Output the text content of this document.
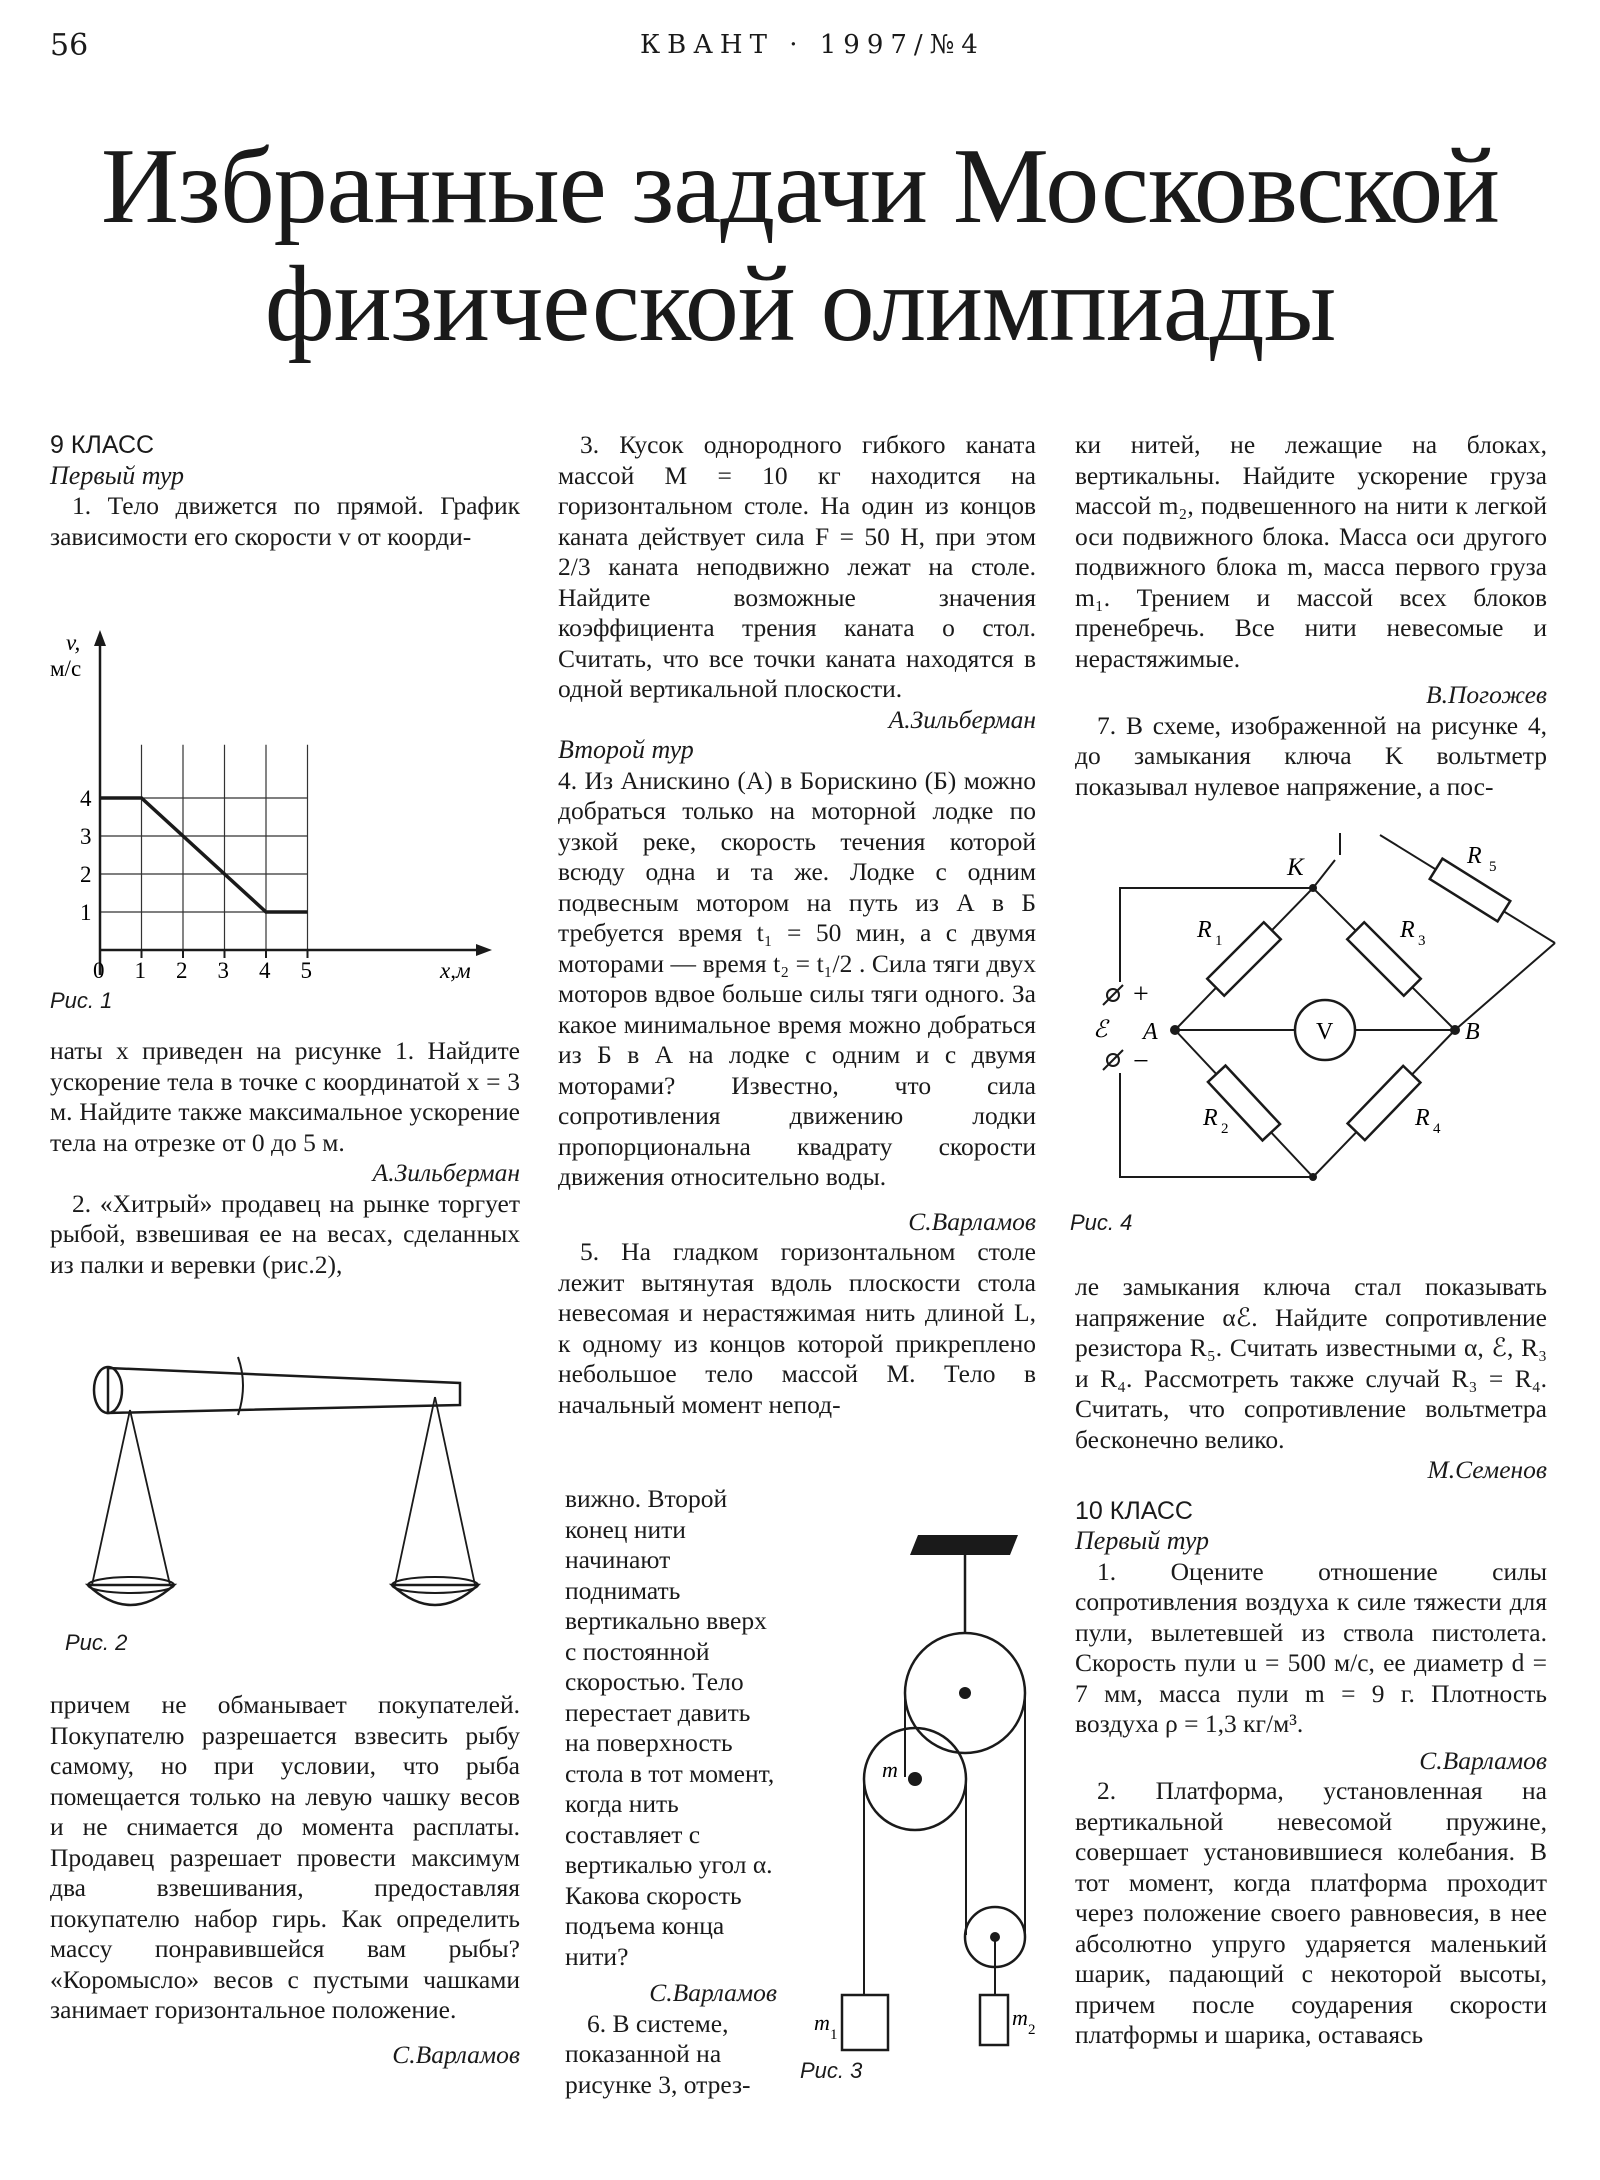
56	КВАНТ · 1997/№4
Избранные задачи Московской
физической олимпиады

9 КЛАСС

Первый тур

1. Тело движется по прямой. График зависимости его скорости v от коорди-

0 1 2 3 4 5
1
2
3
4
v,
м/с
x,м
Рис. 1

наты x приведен на рисунке 1. Найдите ускорение тела в точке с координатой x = 3 м. Найдите также максимальное ускорение тела на отрезке от 0 до 5 м.

А.Зильберман

2. «Хитрый» продавец на рынке торгует рыбой, взвешивая ее на весах, сделанных из палки и веревки (рис.2),

Рис. 2

причем не обманывает покупателей. Покупателю разрешается взвесить рыбу самому, но при условии, что рыба помещается только на левую чашку весов и не снимается до момента расплаты. Продавец разрешает провести максимум два взвешивания, предоставляя покупателю набор гирь. Как определить массу понравившейся вам рыбы? «Коромысло» весов с пустыми чашками занимает горизонтальное положение.

С.Варламов

3. Кусок однородного гибкого каната массой M = 10 кг находится на горизонтальном столе. На один из концов каната действует сила F = 50 Н, при этом 2/3 каната неподвижно лежат на столе. Найдите возможные значения коэффициента трения каната о стол. Считать, что все точки каната находятся в одной вертикальной плоскости.

А.Зильберман

Второй тур

4. Из Анискино (А) в Борискино (Б) можно добраться только на моторной лодке по узкой реке, скорость течения которой всюду одна и та же. Лодке с одним подвесным мотором на путь из А в Б требуется время t₁ = 50 мин, а с двумя моторами — время t₂ = t₁/2 . Сила тяги двух моторов вдвое больше силы тяги одного. За какое минимальное время можно добраться из Б в А на лодке с одним и с двумя моторами? Известно, что сила сопротивления движению лодки пропорциональна квадрату скорости движения относительно воды.

С.Варламов

5. На гладком горизонтальном столе лежит вытянутая вдоль плоскости стола невесомая и нерастяжимая нить длиной L, к одному из концов которой прикреплено небольшое тело массой M. Тело в начальный момент непод-

вижно. Второй конец нити начинают поднимать вертикально вверх с постоянной скоростью. Тело перестает давить на поверхность стола в тот момент, когда нить составляет с вертикалью угол α. Какова скорость подъема конца нити?

С.Варламов

6. В системе, показанной на рисунке 3, отрез-

m
m 1
m 2
Рис. 3

ки нитей, не лежащие на блоках, вертикальны. Найдите ускорение груза массой m₂, подвешенного на нити к легкой оси подвижного блока. Масса оси другого подвижного блока m, масса первого груза m₁. Трением и массой всех блоков пренебречь. Все нити невесомые и нерастяжимые.

В.Погожев

7. В схеме, изображенной на рисунке 4, до замыкания ключа K вольтметр показывал нулевое напряжение, а пос-

V
K	R 5
R 1	R 3
R 2	R 4
A	B
ℰ
+
−
Рис. 4

ле замыкания ключа стал показывать напряжение αℰ. Найдите сопротивление резистора R₅. Считать известными α, ℰ, R₃ и R₄. Рассмотреть также случай R₃ = R₄. Считать, что сопротивление вольтметра бесконечно велико.

М.Семенов

10 КЛАСС

Первый тур

1. Оцените отношение силы сопротивления воздуха к силе тяжести для пули, вылетевшей из ствола пистолета. Скорость пули u = 500 м/с, ее диаметр d = 7 мм, масса пули m = 9 г. Плотность воздуха ρ = 1,3 кг/м³.

С.Варламов

2. Платформа, установленная на вертикальной невесомой пружине, совершает установившиеся колебания. В тот момент, когда платформа проходит через положение своего равновесия, в нее абсолютно упруго ударяется маленький шарик, падающий с некоторой высоты, причем после соударения скорости платформы и шарика, оставаясь
